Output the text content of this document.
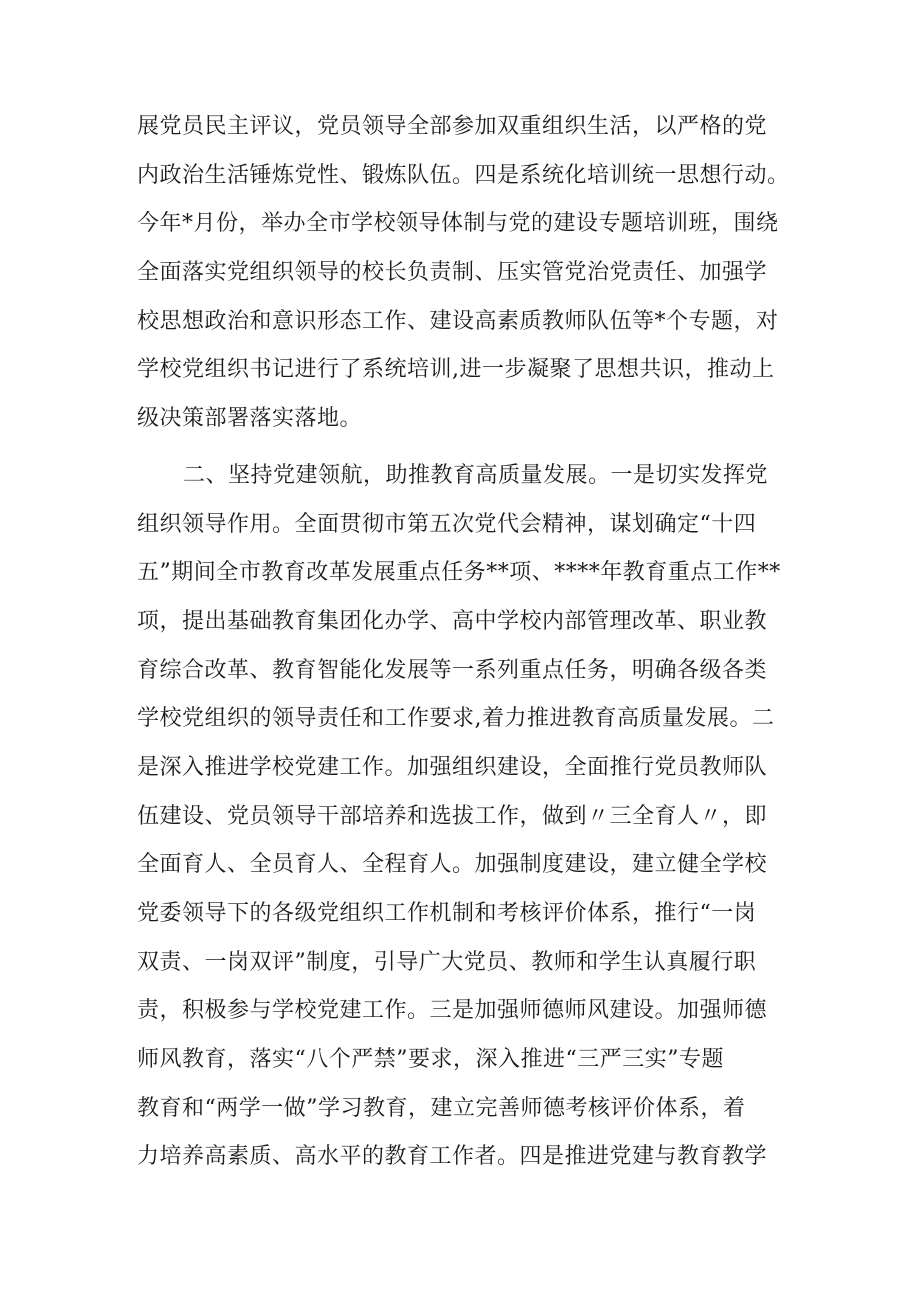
展党员民主评议，党员领导全部参加双重组织生活，以严格的党
内政治生活锤炼党性、锻炼队伍。四是系统化培训统一思想行动。
今年*月份，举办全市学校领导体制与党的建设专题培训班，围绕
全面落实党组织领导的校长负责制、压实管党治党责任、加强学
校思想政治和意识形态工作、建设高素质教师队伍等*个专题，对
学校党组织书记进行了系统培训,进一步凝聚了思想共识，推动上
级决策部署落实落地。
二、坚持党建领航，助推教育高质量发展。一是切实发挥党
组织领导作用。全面贯彻市第五次党代会精神，谋划确定“十四
五”期间全市教育改革发展重点任务**项、****年教育重点工作**
项，提出基础教育集团化办学、高中学校内部管理改革、职业教
育综合改革、教育智能化发展等一系列重点任务，明确各级各类
学校党组织的领导责任和工作要求,着力推进教育高质量发展。二
是深入推进学校党建工作。加强组织建设，全面推行党员教师队
伍建设、党员领导干部培养和选拔工作，做到〃三全育人〃，即
全面育人、全员育人、全程育人。加强制度建设，建立健全学校
党委领导下的各级党组织工作机制和考核评价体系，推行“一岗
双责、一岗双评”制度，引导广大党员、教师和学生认真履行职
责，积极参与学校党建工作。三是加强师德师风建设。加强师德
师风教育，落实“八个严禁”要求，深入推进“三严三实”专题
教育和“两学一做”学习教育，建立完善师德考核评价体系，着
力培养高素质、高水平的教育工作者。四是推进党建与教育教学
